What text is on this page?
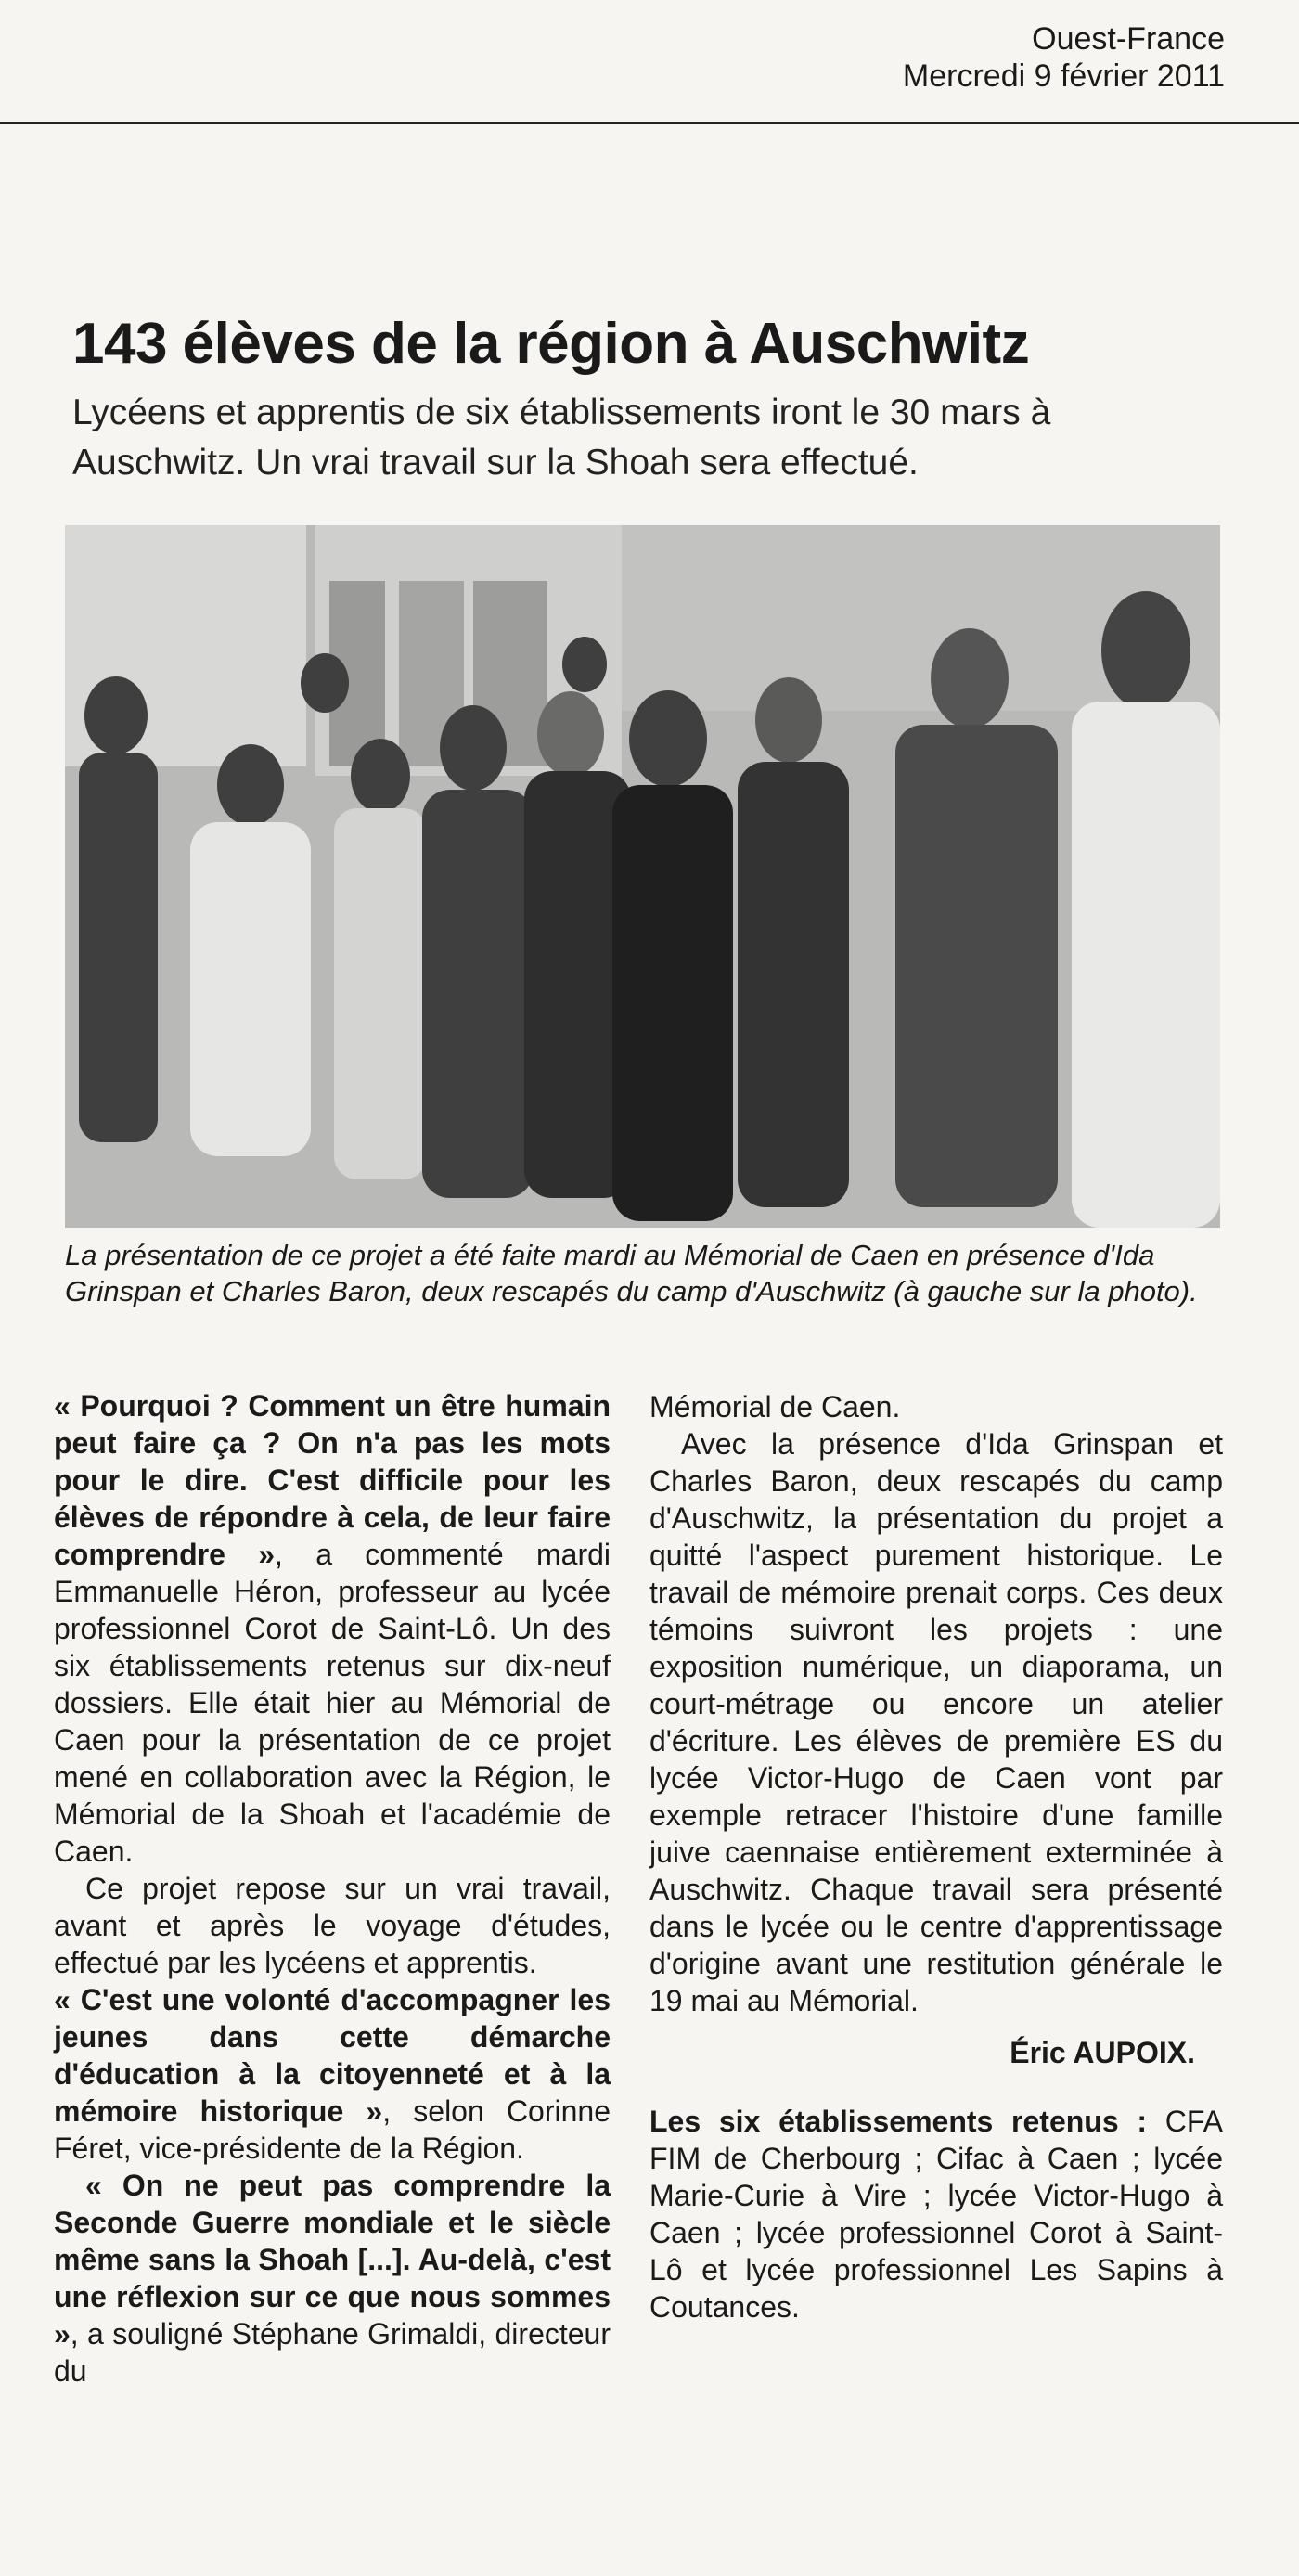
Ouest-France
Mercredi 9 février 2011
143 élèves de la région à Auschwitz

Lycéens et apprentis de six établissements iront le 30 mars à Auschwitz. Un vrai travail sur la Shoah sera effectué.

La présentation de ce projet a été faite mardi au Mémorial de Caen en présence d'Ida Grinspan et Charles Baron, deux rescapés du camp d'Auschwitz (à gauche sur la photo).

« Pourquoi ? Comment un être humain peut faire ça ? On n'a pas les mots pour le dire. C'est difficile pour les élèves de répondre à cela, de leur faire comprendre », a commenté mardi Emmanuelle Héron, professeur au lycée professionnel Corot de Saint-Lô. Un des six établissements retenus sur dix-neuf dossiers. Elle était hier au Mémorial de Caen pour la présentation de ce projet mené en collaboration avec la Région, le Mémorial de la Shoah et l'académie de Caen.

Ce projet repose sur un vrai travail, avant et après le voyage d'études, effectué par les lycéens et apprentis.

« C'est une volonté d'accompagner les jeunes dans cette démarche d'éducation à la citoyenneté et à la mémoire historique », selon Corinne Féret, vice-présidente de la Région.

« On ne peut pas comprendre la Seconde Guerre mondiale et le siècle même sans la Shoah [...]. Au-delà, c'est une réflexion sur ce que nous sommes », a souligné Stéphane Grimaldi, directeur du

Mémorial de Caen.

Avec la présence d'Ida Grinspan et Charles Baron, deux rescapés du camp d'Auschwitz, la présentation du projet a quitté l'aspect purement historique. Le travail de mémoire prenait corps. Ces deux témoins suivront les projets : une exposition numérique, un diaporama, un court-métrage ou encore un atelier d'écriture. Les élèves de première ES du lycée Victor-Hugo de Caen vont par exemple retracer l'histoire d'une famille juive caennaise entièrement exterminée à Auschwitz. Chaque travail sera présenté dans le lycée ou le centre d'apprentissage d'origine avant une restitution générale le 19 mai au Mémorial.

Éric AUPOIX.

Les six établissements retenus : CFA FIM de Cherbourg ; Cifac à Caen ; lycée Marie-Curie à Vire ; lycée Victor-Hugo à Caen ; lycée professionnel Corot à Saint-Lô et lycée professionnel Les Sapins à Coutances.
